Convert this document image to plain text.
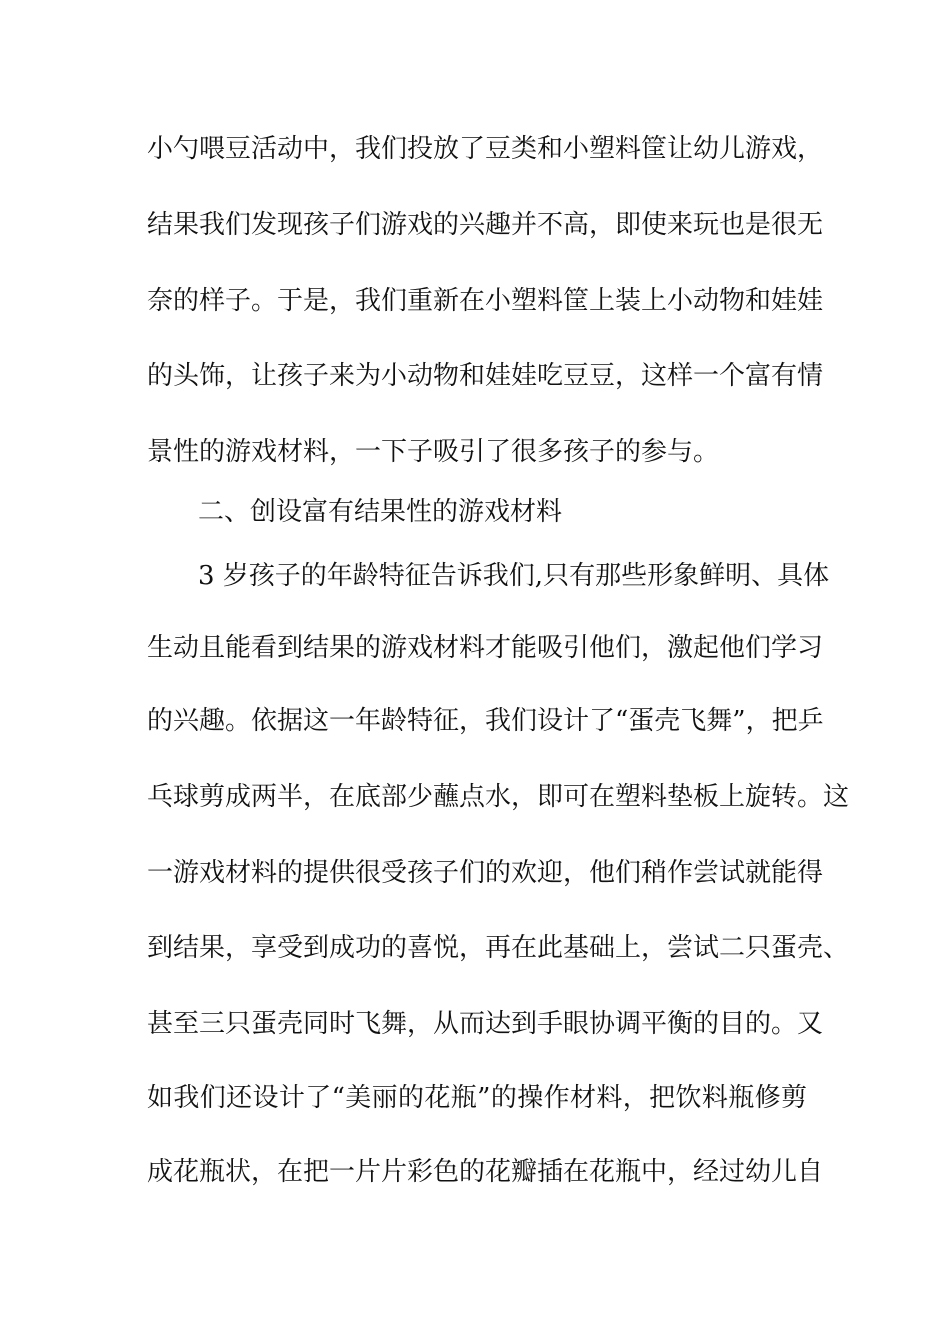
小勺喂豆活动中，我们投放了豆类和小塑料筐让幼儿游戏，
结果我们发现孩子们游戏的兴趣并不高，即使来玩也是很无
奈的样子。于是，我们重新在小塑料筐上装上小动物和娃娃
的头饰，让孩子来为小动物和娃娃吃豆豆，这样一个富有情
景性的游戏材料，一下子吸引了很多孩子的参与。
二、创设富有结果性的游戏材料
3 岁孩子的年龄特征告诉我们,只有那些形象鲜明、具体
生动且能看到结果的游戏材料才能吸引他们，激起他们学习
的兴趣。依据这一年龄特征，我们设计了“蛋壳飞舞”，把乒
乓球剪成两半，在底部少蘸点水，即可在塑料垫板上旋转。这
一游戏材料的提供很受孩子们的欢迎，他们稍作尝试就能得
到结果，享受到成功的喜悦，再在此基础上，尝试二只蛋壳、
甚至三只蛋壳同时飞舞，从而达到手眼协调平衡的目的。又
如我们还设计了“美丽的花瓶”的操作材料，把饮料瓶修剪
成花瓶状，在把一片片彩色的花瓣插在花瓶中，经过幼儿自
